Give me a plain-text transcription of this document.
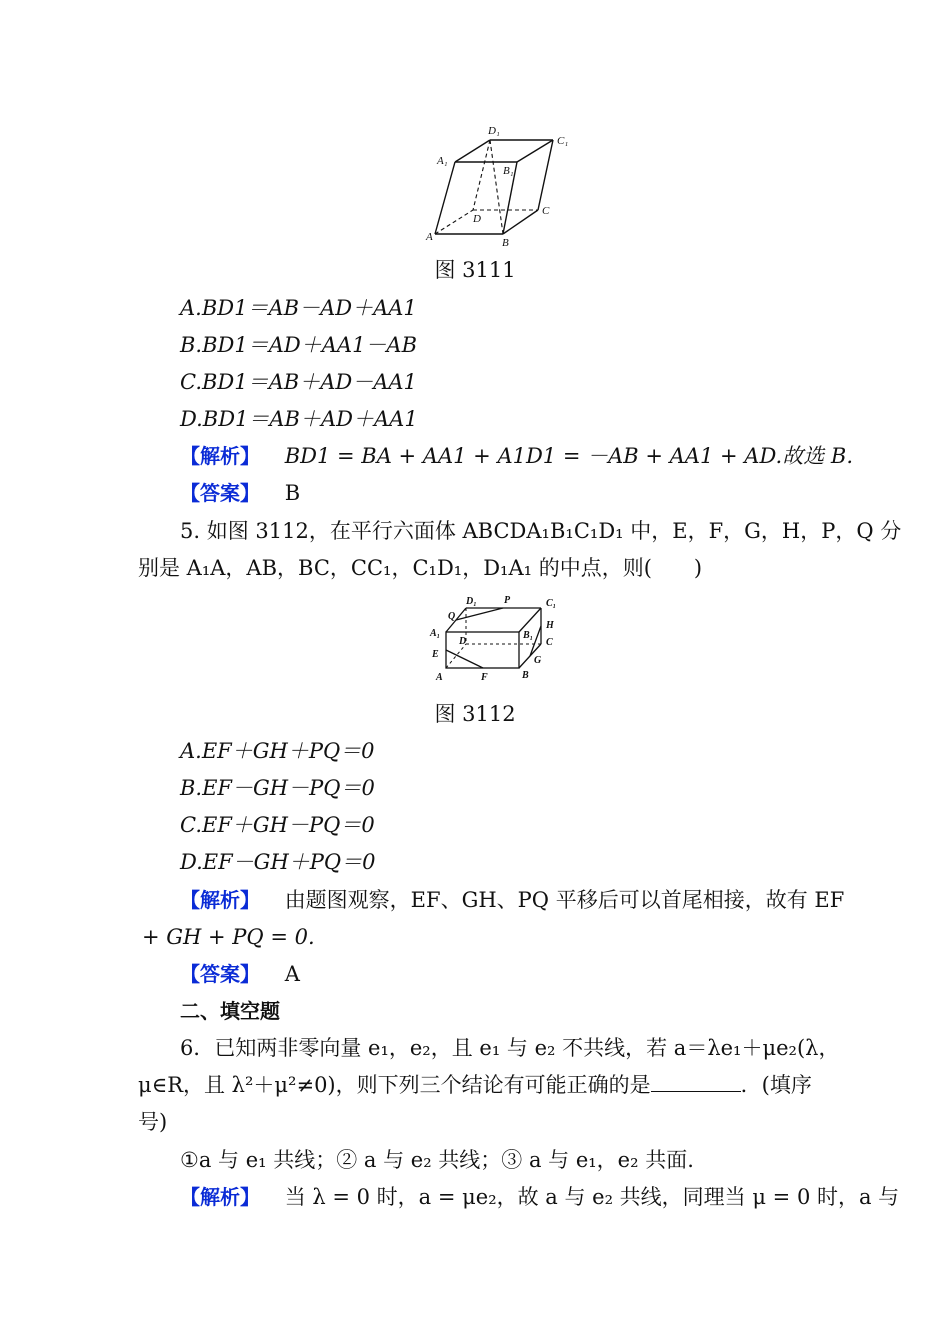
D₁
C₁
A₁
B₁
D
C
A	B
图 3111
A.BD1＝AB－AD＋AA1
B.BD1＝AD＋AA1－AB
C.BD1＝AB＋AD－AA1
D.BD1＝AB＋AD＋AA1
【解析】 BD1 = BA + AA1 + A1D1 = －AB + AA1 + AD.故选 B.
【答案】 B
5. 如图 3112，在平行六面体 ABCDA₁B₁C₁D₁ 中，E，F，G，H，P，Q 分
别是 A₁A，AB，BC，CC₁，C₁D₁，D₁A₁ 的中点，则(　　)
Q
D₁	P	C₁
A₁
D
B₁
H
C
E
G
A	F	B
图 3112
A.EF＋GH＋PQ＝0
B.EF－GH－PQ＝0
C.EF＋GH－PQ＝0
D.EF－GH＋PQ＝0
【解析】 由题图观察，EF、GH、PQ 平移后可以首尾相接，故有 EF
+ GH + PQ = 0.
【答案】 A
二、填空题
6．已知两非零向量 e₁，e₂，且 e₁ 与 e₂ 不共线，若 a＝λe₁＋μe₂(λ，
μ∈R，且 λ²＋μ²≠0)，则下列三个结论有可能正确的是	．(填序
号)
①a 与 e₁ 共线；② a 与 e₂ 共线；③ a 与 e₁，e₂ 共面.
【解析】 当 λ = 0 时，a = μe₂，故 a 与 e₂ 共线，同理当 μ = 0 时，a 与
